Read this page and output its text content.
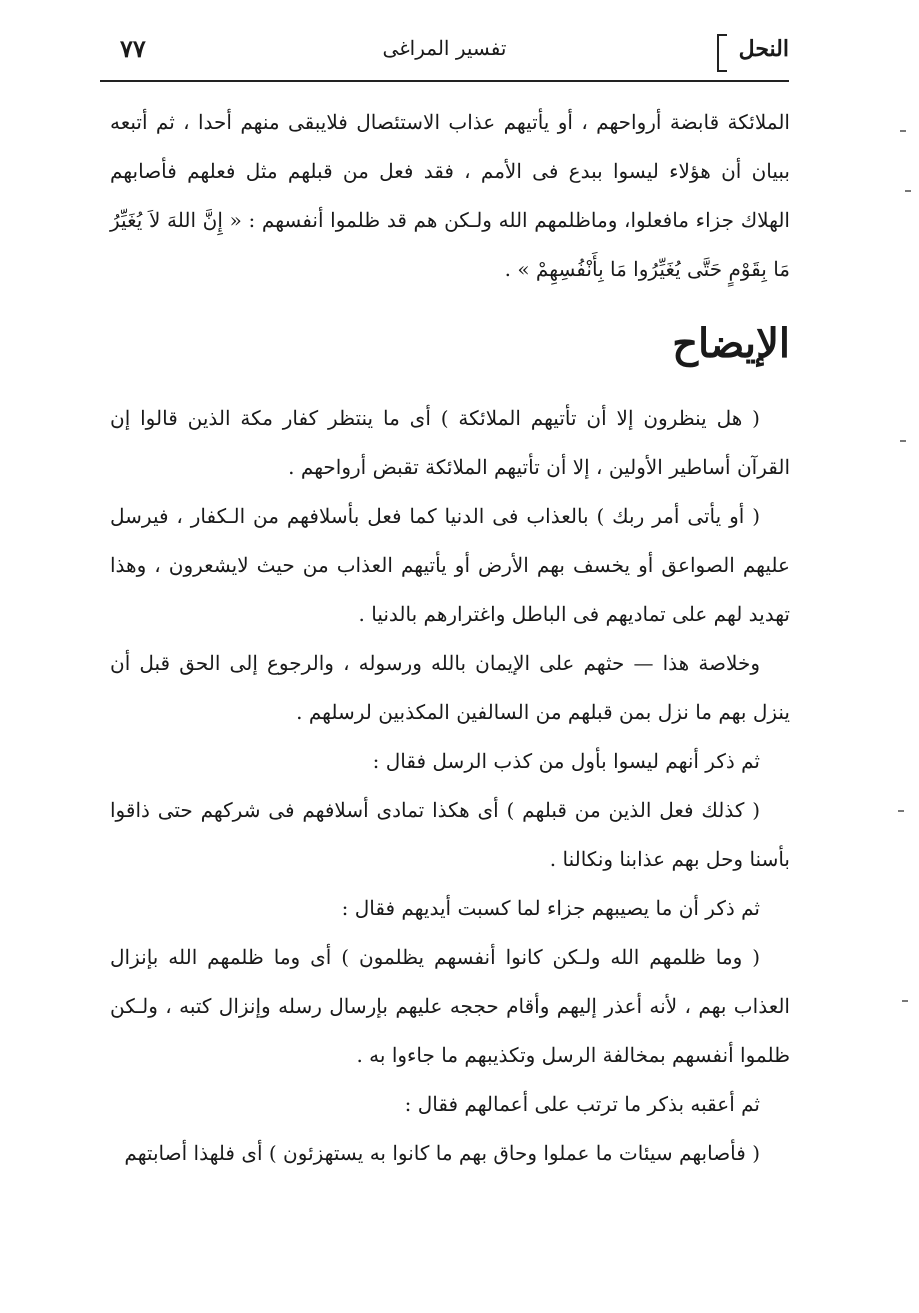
النحل
تفسير المراغى
٧٧

الملائكة قابضة أرواحهم ، أو يأتيهم عذاب الاستئصال فلايبقى منهم أحدا ، ثم أتبعه ببيان أن هؤلاء ليسوا ببدع فى الأمم ، فقد فعل من قبلهم مثل فعلهم فأصابهم الهلاك جزاء مافعلوا، وماظلمهم الله ولـكن هم قد ظلموا أنفسهم : « إِنَّ اللهَ لاَ يُغَيِّرُ مَا بِقَوْمٍ حَتَّى يُغَيِّرُوا مَا بِأَنْفُسِهِمْ » .

الإيضاح

( هل ينظرون إلا أن تأتيهم الملائكة ) أى ما ينتظر كفار مكة الذين قالوا إن القرآن أساطير الأولين ، إلا أن تأتيهم الملائكة تقبض أرواحهم .

( أو يأتى أمر ربك ) بالعذاب فى الدنيا كما فعل بأسلافهم من الـكفار ، فيرسل عليهم الصواعق أو يخسف بهم الأرض أو يأتيهم العذاب من حيث لايشعرون ، وهذا تهديد لهم على تماديهم فى الباطل واغترارهم بالدنيا .

وخلاصة هذا — حثهم على الإيمان بالله ورسوله ، والرجوع إلى الحق قبل أن ينزل بهم ما نزل بمن قبلهم من السالفين المكذبين لرسلهم .

ثم ذكر أنهم ليسوا بأول من كذب الرسل فقال :

( كذلك فعل الذين من قبلهم ) أى هكذا تمادى أسلافهم فى شركهم حتى ذاقوا بأسنا وحل بهم عذابنا ونكالنا .

ثم ذكر أن ما يصيبهم جزاء لما كسبت أيديهم فقال :

( وما ظلمهم الله ولـكن كانوا أنفسهم يظلمون ) أى وما ظلمهم الله بإنزال العذاب بهم ، لأنه أعذر إليهم وأقام حججه عليهم بإرسال رسله وإنزال كتبه ، ولـكن ظلموا أنفسهم بمخالفة الرسل وتكذيبهم ما جاءوا به .

ثم أعقبه بذكر ما ترتب على أعمالهم فقال :

( فأصابهم سيئات ما عملوا وحاق بهم ما كانوا به يستهزئون ) أى فلهذا أصابتهم
